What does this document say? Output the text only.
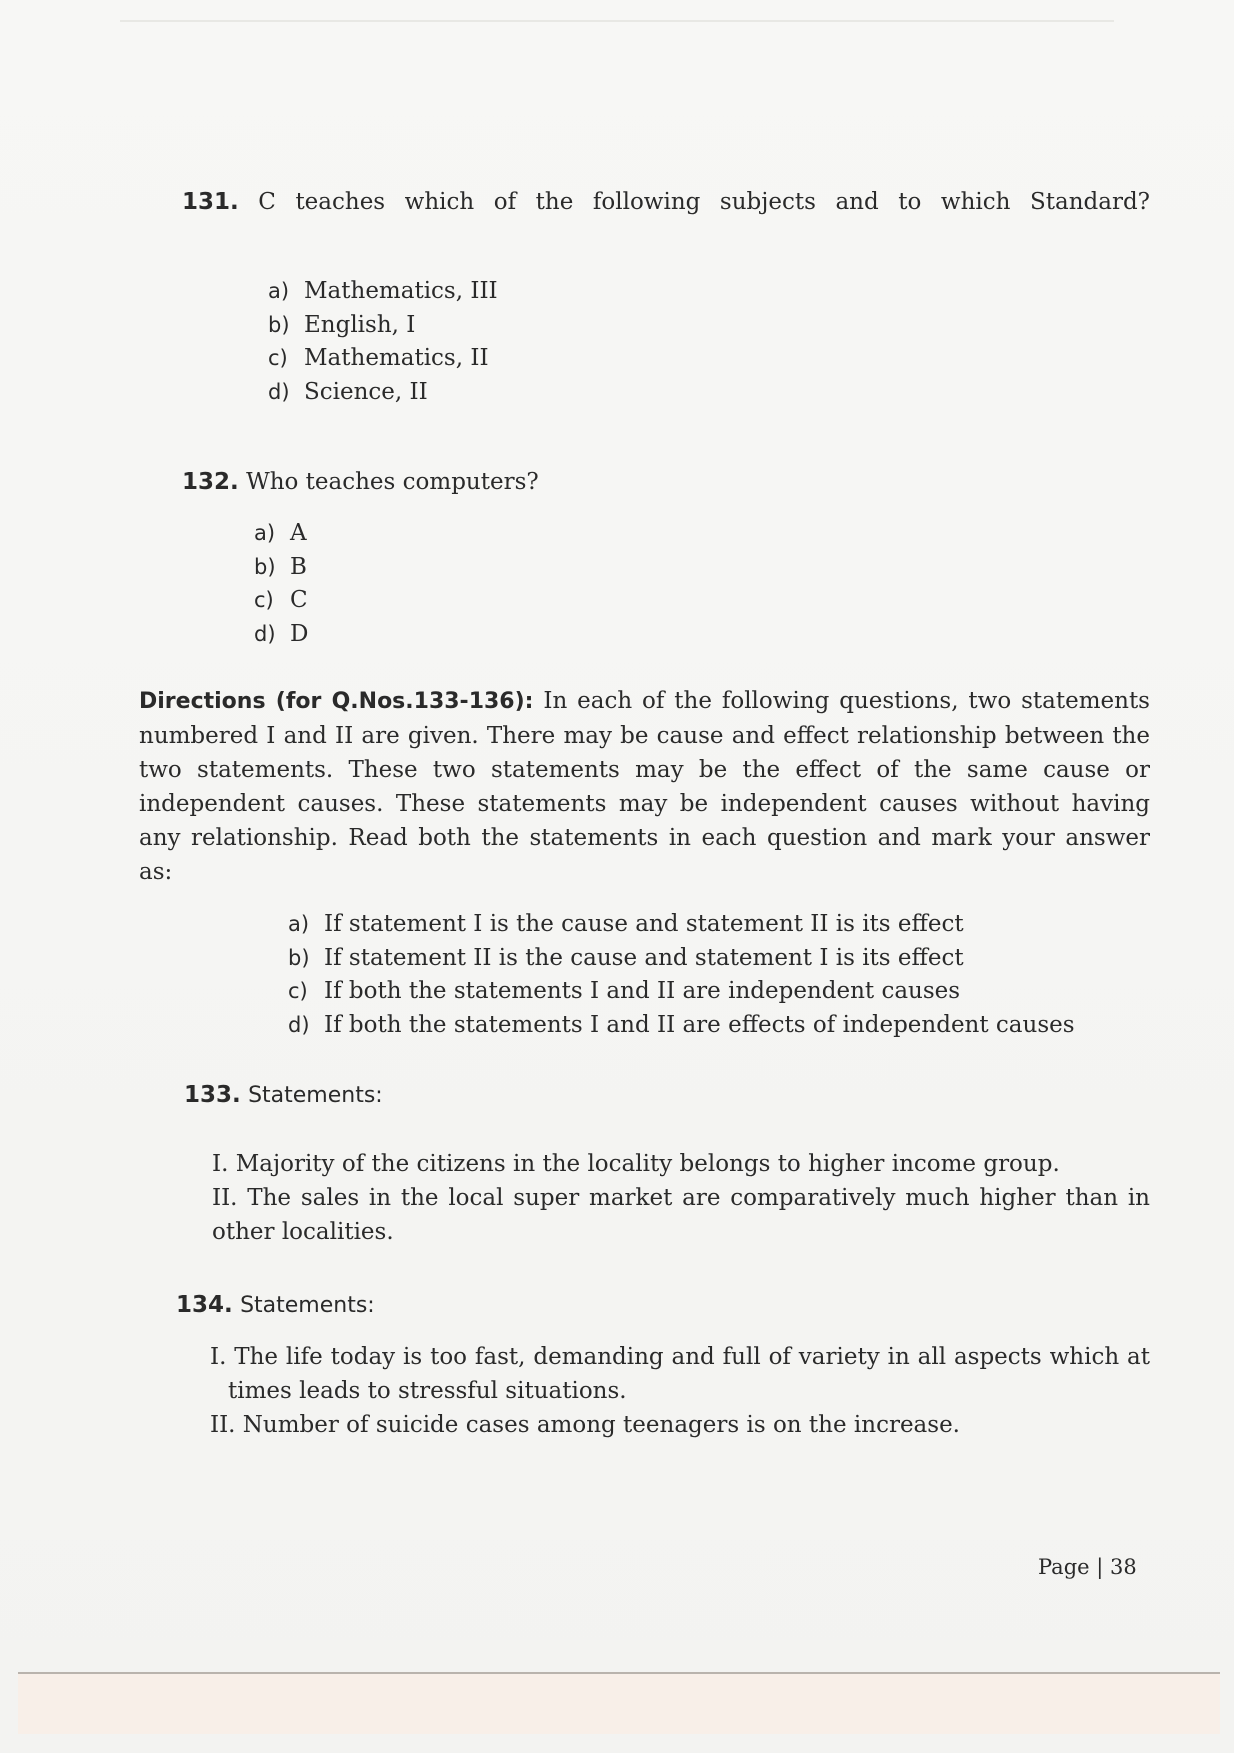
131. C teaches which of the following subjects and to which Standard?
a) Mathematics, III
b) English, I
c) Mathematics, II
d) Science, II
132. Who teaches computers?
a) A
b) B
c) C
d) D
Directions (for Q.Nos.133-136): In each of the following questions, two statements numbered I and II are given. There may be cause and effect relationship between the two statements. These two statements may be the effect of the same cause or independent causes. These statements may be independent causes without having any relationship. Read both the statements in each question and mark your answer as:
a) If statement I is the cause and statement II is its effect
b) If statement II is the cause and statement I is its effect
c) If both the statements I and II are independent causes
d) If both the statements I and II are effects of independent causes
133. Statements:
I. Majority of the citizens in the locality belongs to higher income group.
II. The sales in the local super market are comparatively much higher than in other localities.
134. Statements:
I. The life today is too fast, demanding and full of variety in all aspects which at times leads to stressful situations.
II. Number of suicide cases among teenagers is on the increase.
Page | 38
